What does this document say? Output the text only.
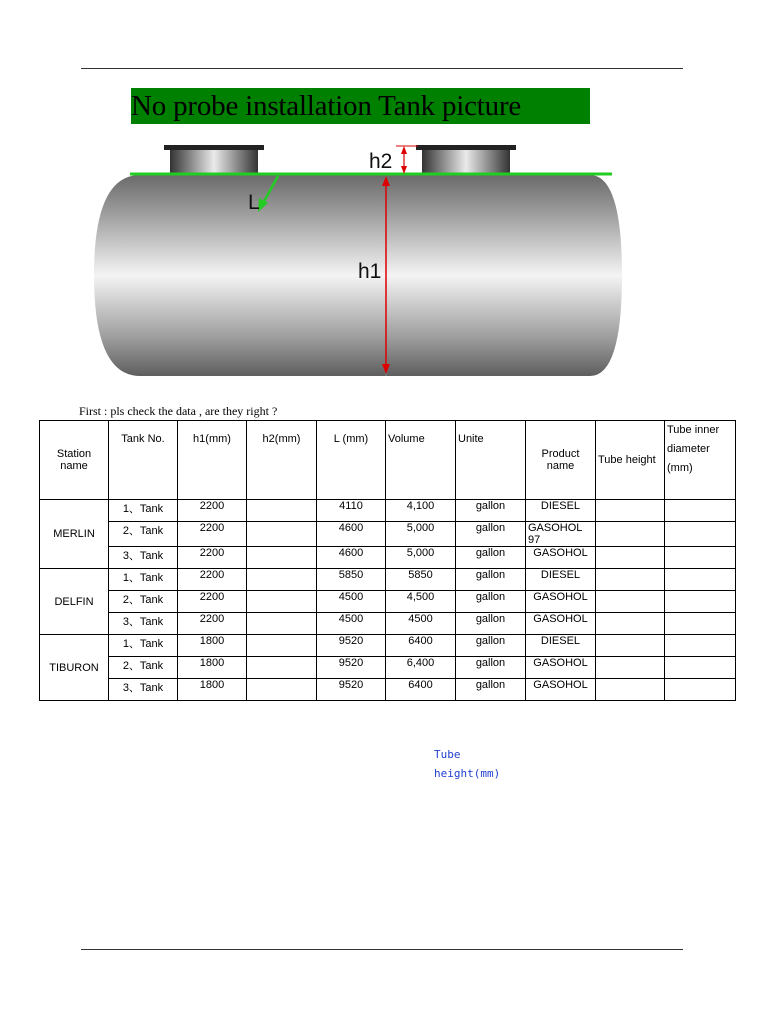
No probe installation Tank picture
h2
L
h1
First : pls check the data , are they right ?
Station name	Tank No.	h1(mm)	h2(mm)	L (mm)	Volume	Unite	Product name	Tube height	Tube inner diameter (mm)
MERLIN	1、Tank	2200		4110	4,100	gallon	DIESEL		
	2、Tank	2200		4600	5,000	gallon	GASOHOL 97		
	3、Tank	2200		4600	5,000	gallon	GASOHOL		
DELFIN	1、Tank	2200		5850	5850	gallon	DIESEL		
	2、Tank	2200		4500	4,500	gallon	GASOHOL		
	3、Tank	2200		4500	4500	gallon	GASOHOL		
TIBURON	1、Tank	1800		9520	6400	gallon	DIESEL		
	2、Tank	1800		9520	6,400	gallon	GASOHOL		
	3、Tank	1800		9520	6400	gallon	GASOHOL		
Tube
height(mm)
